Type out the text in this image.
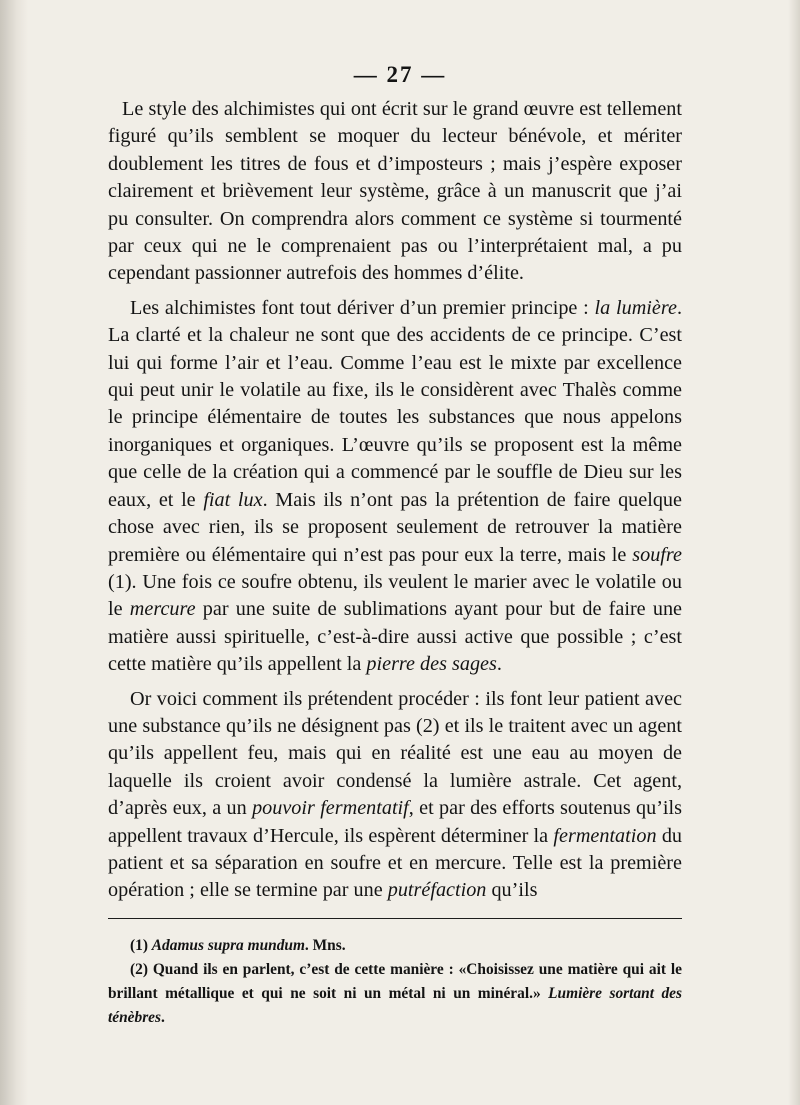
— 27 —

Le style des alchimistes qui ont écrit sur le grand œuvre est tellement figuré qu’ils semblent se moquer du lecteur bénévole, et mériter doublement les titres de fous et d’imposteurs ; mais j’espère exposer clairement et brièvement leur système, grâce à un manuscrit que j’ai pu consulter. On comprendra alors comment ce système si tourmenté par ceux qui ne le comprenaient pas ou l’interprétaient mal, a pu cependant passionner autrefois des hommes d’élite.

Les alchimistes font tout dériver d’un premier principe : la lumière. La clarté et la chaleur ne sont que des accidents de ce principe. C’est lui qui forme l’air et l’eau. Comme l’eau est le mixte par excellence qui peut unir le volatile au fixe, ils le considèrent avec Thalès comme le principe élémentaire de toutes les substances que nous appelons inorganiques et organiques. L’œuvre qu’ils se proposent est la même que celle de la création qui a commencé par le souffle de Dieu sur les eaux, et le fiat lux. Mais ils n’ont pas la prétention de faire quelque chose avec rien, ils se proposent seulement de retrouver la matière première ou élémentaire qui n’est pas pour eux la terre, mais le soufre (1). Une fois ce soufre obtenu, ils veulent le marier avec le volatile ou le mercure par une suite de sublimations ayant pour but de faire une matière aussi spirituelle, c’est-à-dire aussi active que possible ; c’est cette matière qu’ils appellent la pierre des sages.

Or voici comment ils prétendent procéder : ils font leur patient avec une substance qu’ils ne désignent pas (2) et ils le traitent avec un agent qu’ils appellent feu, mais qui en réalité est une eau au moyen de laquelle ils croient avoir condensé la lumière astrale. Cet agent, d’après eux, a un pouvoir fermentatif, et par des efforts soutenus qu’ils appellent travaux d’Hercule, ils espèrent déterminer la fermentation du patient et sa séparation en soufre et en mercure. Telle est la première opération ; elle se termine par une putréfaction qu’ils

(1) Adamus supra mundum. Mns.

(2) Quand ils en parlent, c’est de cette manière : «Choisissez une matière qui ait le brillant métallique et qui ne soit ni un métal ni un minéral.» Lumière sortant des ténèbres.
